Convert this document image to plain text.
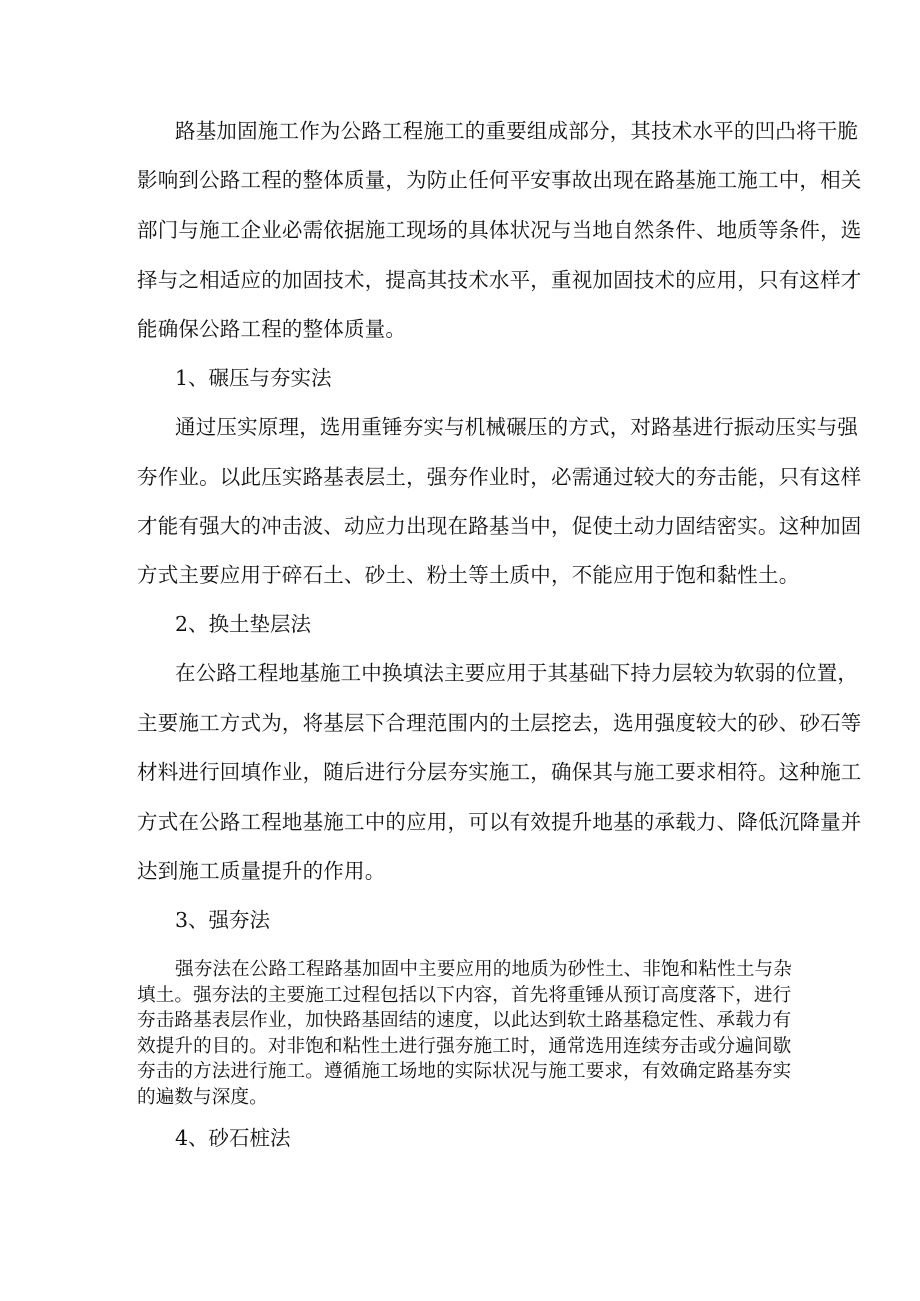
路基加固施工作为公路工程施工的重要组成部分，其技术水平的凹凸将干脆
影响到公路工程的整体质量，为防止任何平安事故出现在路基施工施工中，相关
部门与施工企业必需依据施工现场的具体状况与当地自然条件、地质等条件，选
择与之相适应的加固技术，提高其技术水平，重视加固技术的应用，只有这样才
能确保公路工程的整体质量。
1、碾压与夯实法
通过压实原理，选用重锤夯实与机械碾压的方式，对路基进行振动压实与强
夯作业。以此压实路基表层土，强夯作业时，必需通过较大的夯击能，只有这样
才能有强大的冲击波、动应力出现在路基当中，促使土动力固结密实。这种加固
方式主要应用于碎石土、砂土、粉土等土质中，不能应用于饱和黏性土。
2、换土垫层法
在公路工程地基施工中换填法主要应用于其基础下持力层较为软弱的位置，
主要施工方式为，将基层下合理范围内的土层挖去，选用强度较大的砂、砂石等
材料进行回填作业，随后进行分层夯实施工，确保其与施工要求相符。这种施工
方式在公路工程地基施工中的应用，可以有效提升地基的承载力、降低沉降量并
达到施工质量提升的作用。
3、强夯法
强夯法在公路工程路基加固中主要应用的地质为砂性土、非饱和粘性土与杂
填土。强夯法的主要施工过程包括以下内容，首先将重锤从预订高度落下，进行
夯击路基表层作业，加快路基固结的速度，以此达到软土路基稳定性、承载力有
效提升的目的。对非饱和粘性土进行强夯施工时，通常选用连续夯击或分遍间歇
夯击的方法进行施工。遵循施工场地的实际状况与施工要求，有效确定路基夯实
的遍数与深度。
4、砂石桩法
